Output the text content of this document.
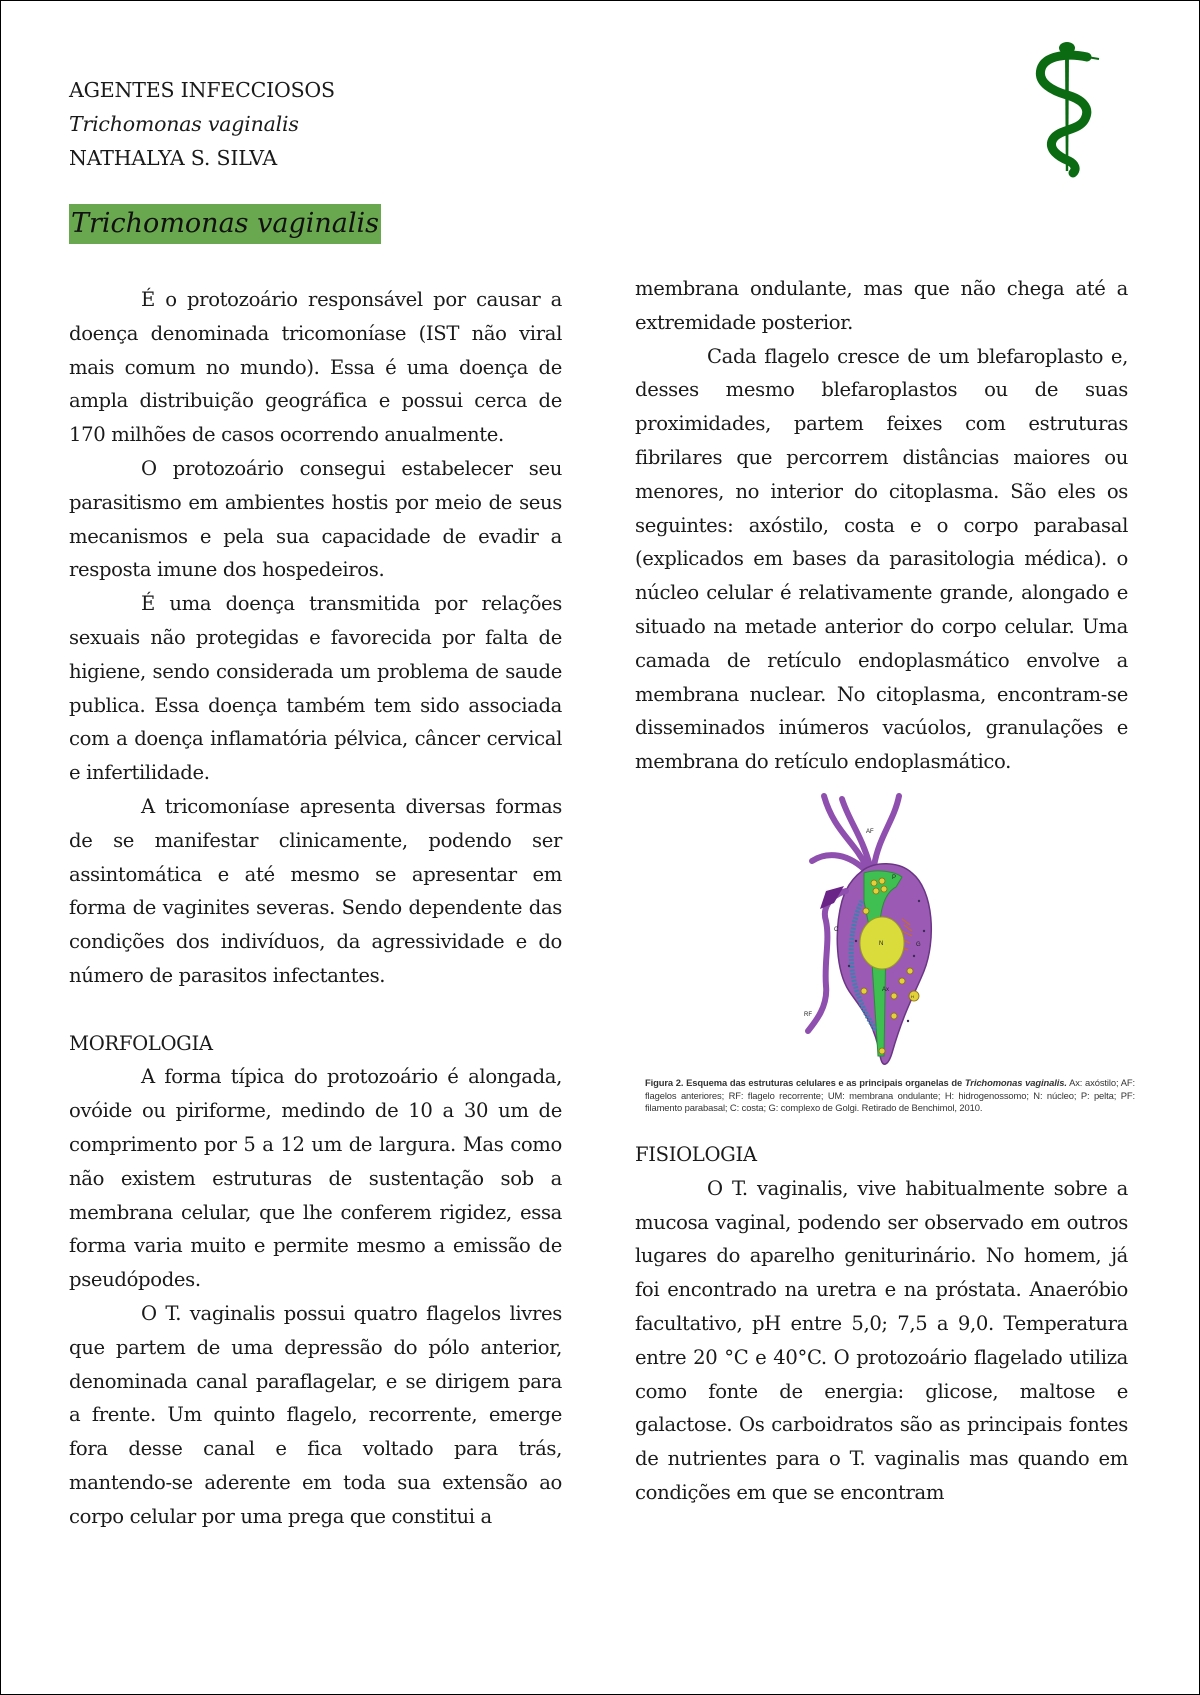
AGENTES INFECCIOSOS
Trichomonas vaginalis
NATHALYA S. SILVA
Trichomonas vaginalis

É o protozoário responsável por causar a doença denominada tricomoníase (IST não viral mais comum no mundo). Essa é uma doença de ampla distribuição geográfica e possui cerca de 170 milhões de casos ocorrendo anualmente.

O protozoário consegui estabelecer seu parasitismo em ambientes hostis por meio de seus mecanismos e pela sua capacidade de evadir a resposta imune dos hospedeiros.

É uma doença transmitida por relações sexuais não protegidas e favorecida por falta de higiene, sendo considerada um problema de saude publica. Essa doença também tem sido associada com a doença inflamatória pélvica, câncer cervical e infertilidade.

A tricomoníase apresenta diversas formas de se manifestar clinicamente, podendo ser assintomática e até mesmo se apresentar em forma de vaginites severas. Sendo dependente das condições dos indivíduos, da agressividade e do número de parasitos infectantes.

MORFOLOGIA

A forma típica do protozoário é alongada, ovóide ou piriforme, medindo de 10 a 30 um de comprimento por 5 a 12 um de largura. Mas como não existem estruturas de sustentação sob a membrana celular, que lhe conferem rigidez, essa forma varia muito e permite mesmo a emissão de pseudópodes.

O T. vaginalis possui quatro flagelos livres que partem de uma depressão do pólo anterior, denominada canal paraflagelar, e se dirigem para a frente. Um quinto flagelo, recorrente, emerge fora desse canal e fica voltado para trás, mantendo-se aderente em toda sua extensão ao corpo celular por uma prega que constitui a

membrana ondulante, mas que não chega até a extremidade posterior.

Cada flagelo cresce de um blefaroplasto e, desses mesmo blefaroplastos ou de suas proximidades, partem feixes com estruturas fibrilares que percorrem distâncias maiores ou menores, no interior do citoplasma. São eles os seguintes: axóstilo, costa e o corpo parabasal (explicados em bases da parasitologia médica). o núcleo celular é relativamente grande, alongado e situado na metade anterior do corpo celular. Uma camada de retículo endoplasmático envolve a membrana nuclear. No citoplasma, encontram-se disseminados inúmeros vacúolos, granulações e membrana do retículo endoplasmático.

AF
P
N
C
RF
Ax
G
H
Figura 2. Esquema das estruturas celulares e as principais organelas de Trichomonas vaginalis. Ax: axóstilo; AF: flagelos anteriores; RF: flagelo recorrente; UM: membrana ondulante; H: hidrogenossomo; N: núcleo; P: pelta; PF: filamento parabasal; C: costa; G: complexo de Golgi. Retirado de Benchimol, 2010.

FISIOLOGIA

O T. vaginalis, vive habitualmente sobre a mucosa vaginal, podendo ser observado em outros lugares do aparelho geniturinário. No homem, já foi encontrado na uretra e na próstata. Anaeróbio facultativo, pH entre 5,0; 7,5 a 9,0. Temperatura entre 20 °C e 40°C. O protozoário flagelado utiliza como fonte de energia: glicose, maltose e galactose. Os carboidratos são as principais fontes de nutrientes para o T. vaginalis mas quando em condições em que se encontram
